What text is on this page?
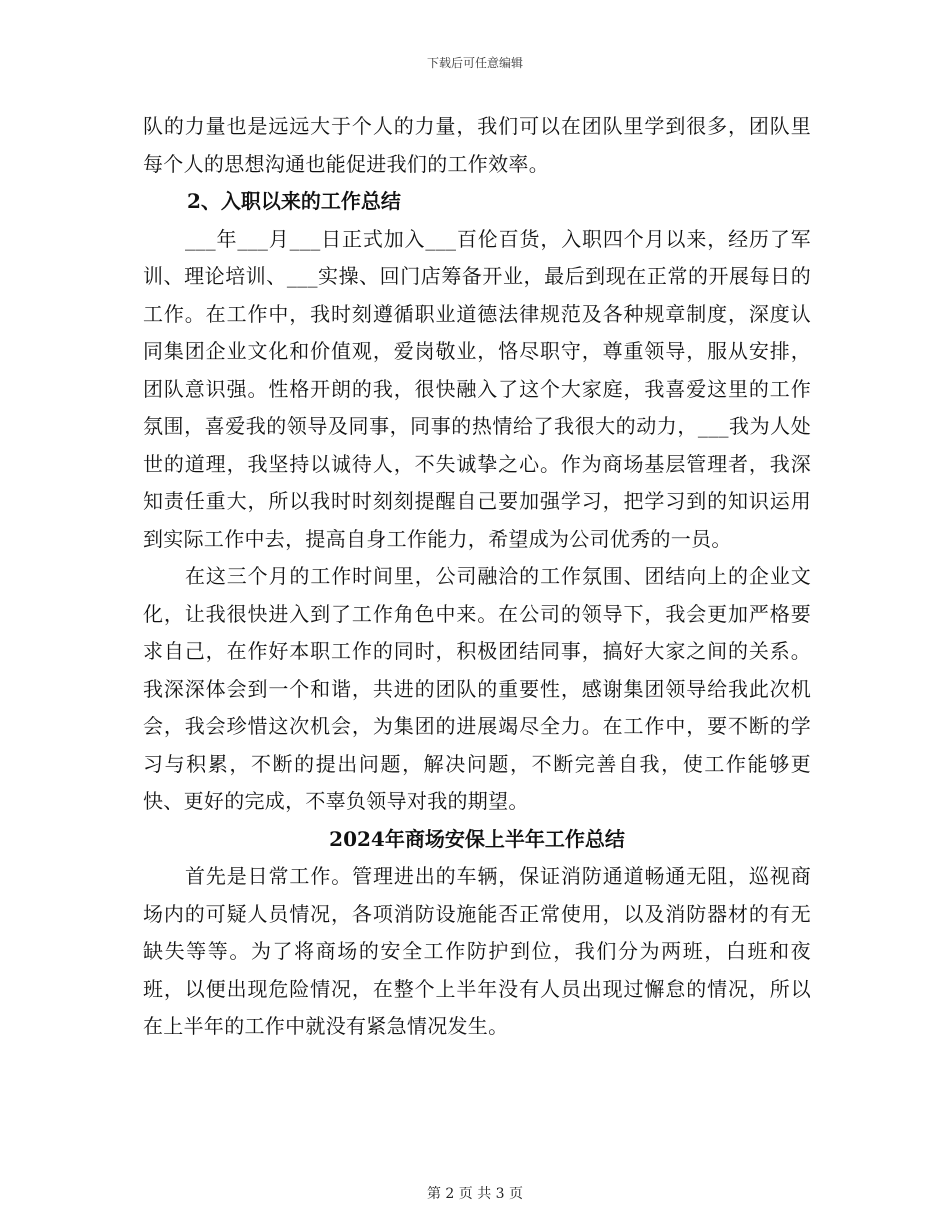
下载后可任意编辑

队的力量也是远远大于个人的力量，我们可以在团队里学到很多，团队里每个人的思想沟通也能促进我们的工作效率。

2、入职以来的工作总结

___年___月___日正式加入___百伦百货，入职四个月以来，经历了军训、理论培训、___实操、回门店筹备开业，最后到现在正常的开展每日的工作。在工作中，我时刻遵循职业道德法律规范及各种规章制度，深度认同集团企业文化和价值观，爱岗敬业，恪尽职守，尊重领导，服从安排，团队意识强。性格开朗的我，很快融入了这个大家庭，我喜爱这里的工作氛围，喜爱我的领导及同事，同事的热情给了我很大的动力，___我为人处世的道理，我坚持以诚待人，不失诚挚之心。作为商场基层管理者，我深知责任重大，所以我时时刻刻提醒自己要加强学习，把学习到的知识运用到实际工作中去，提高自身工作能力，希望成为公司优秀的一员。

在这三个月的工作时间里，公司融洽的工作氛围、团结向上的企业文化，让我很快进入到了工作角色中来。在公司的领导下，我会更加严格要求自己，在作好本职工作的同时，积极团结同事，搞好大家之间的关系。我深深体会到一个和谐，共进的团队的重要性，感谢集团领导给我此次机会，我会珍惜这次机会，为集团的进展竭尽全力。在工作中，要不断的学习与积累，不断的提出问题，解决问题，不断完善自我，使工作能够更快、更好的完成，不辜负领导对我的期望。

2024年商场安保上半年工作总结

首先是日常工作。管理进出的车辆，保证消防通道畅通无阻，巡视商场内的可疑人员情况，各项消防设施能否正常使用，以及消防器材的有无缺失等等。为了将商场的安全工作防护到位，我们分为两班，白班和夜班，以便出现危险情况，在整个上半年没有人员出现过懈怠的情况，所以在上半年的工作中就没有紧急情况发生。

第 2 页 共 3 页
